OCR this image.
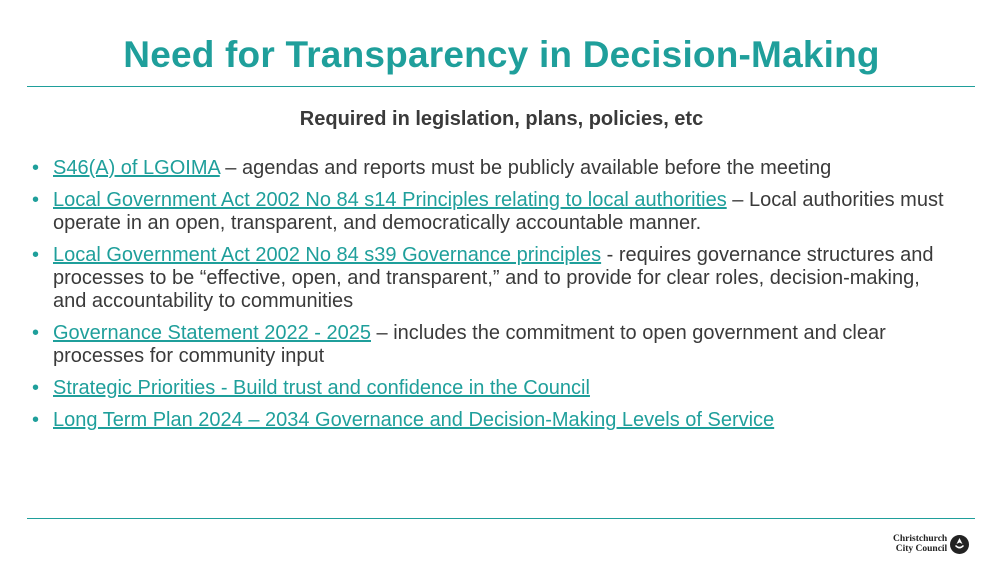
Need for Transparency in Decision-Making
Required in legislation, plans, policies, etc
• S46(A) of LGOIMA – agendas and reports must be publicly available before the meeting
• Local Government Act 2002 No 84 s14 Principles relating to local authorities – Local authorities must operate in an open, transparent, and democratically accountable manner.
• Local Government Act 2002 No 84 s39 Governance principles - requires governance structures and processes to be “effective, open, and transparent,” and to provide for clear roles, decision-making, and accountability to communities
• Governance Statement 2022 - 2025 – includes the commitment to open government and clear processes for community input
• Strategic Priorities - Build trust and confidence in the Council
• Long Term Plan 2024 – 2034 Governance and Decision-Making Levels of Service
Christchurch
City Council
